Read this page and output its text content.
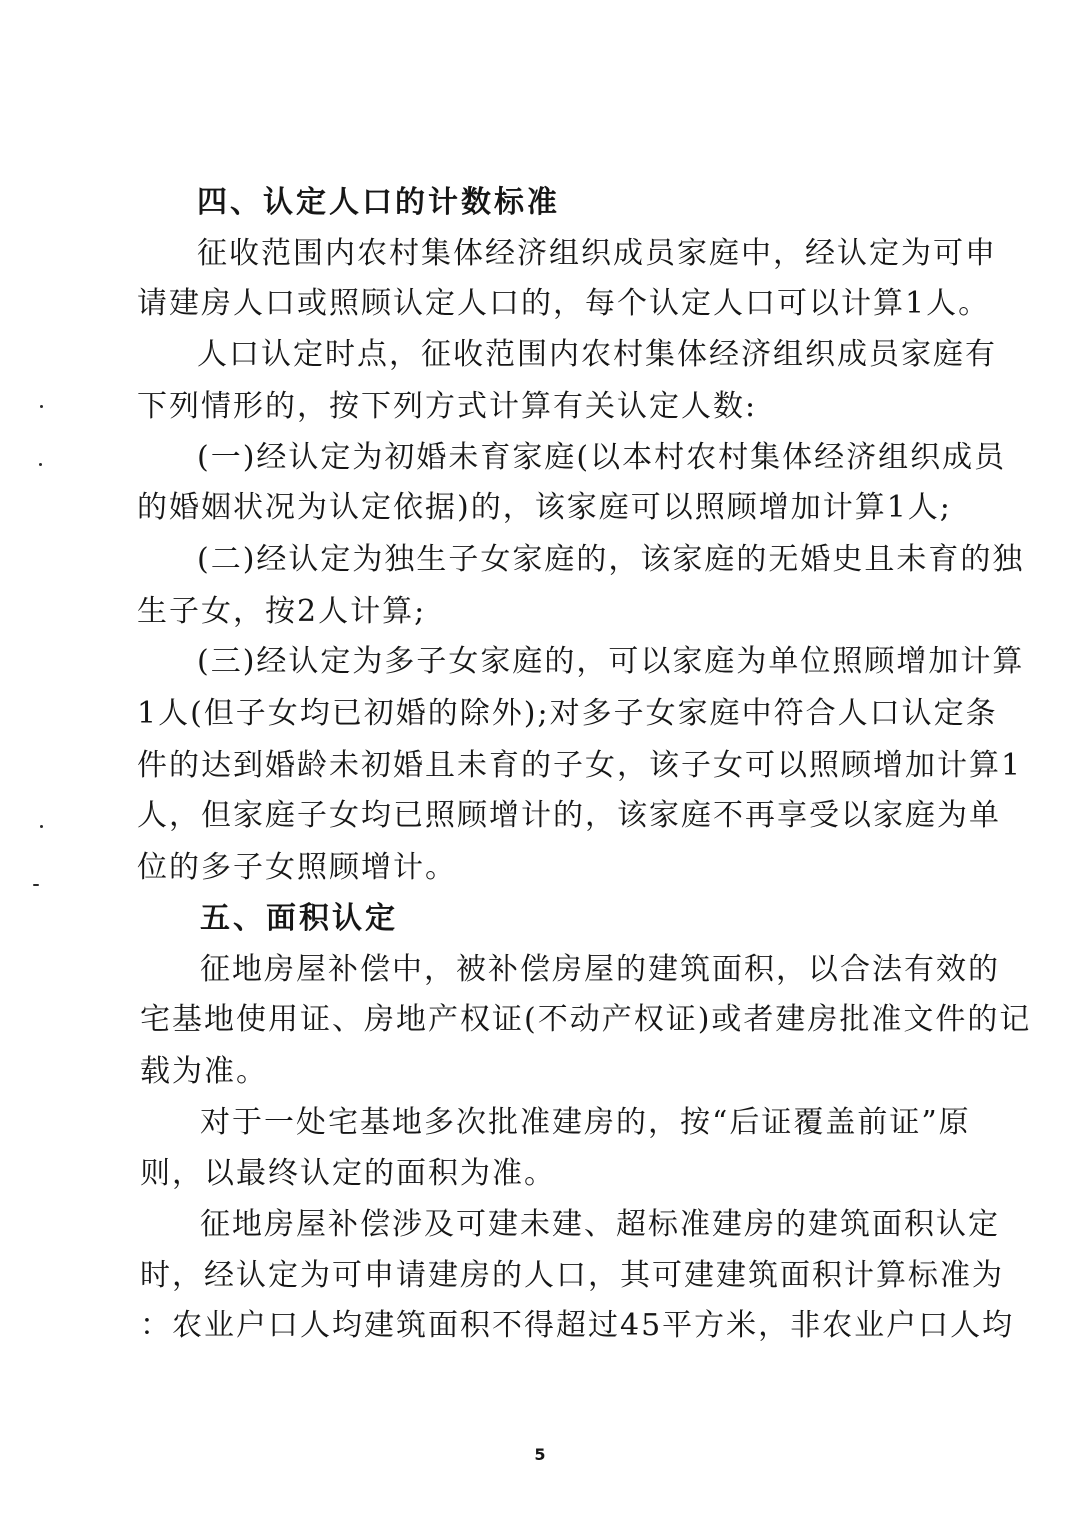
四、认定人口的计数标准
征收范围内农村集体经济组织成员家庭中，经认定为可申
请建房人口或照顾认定人口的，每个认定人口可以计算1人。
人口认定时点，征收范围内农村集体经济组织成员家庭有
下列情形的，按下列方式计算有关认定人数:
(一)经认定为初婚未育家庭(以本村农村集体经济组织成员
的婚姻状况为认定依据)的，该家庭可以照顾增加计算1人;
(二)经认定为独生子女家庭的，该家庭的无婚史且未育的独
生子女，按2人计算;
(三)经认定为多子女家庭的，可以家庭为单位照顾增加计算
1人(但子女均已初婚的除外);对多子女家庭中符合人口认定条
件的达到婚龄未初婚且未育的子女，该子女可以照顾增加计算1
人，但家庭子女均已照顾增计的，该家庭不再享受以家庭为单
位的多子女照顾增计。
五、面积认定
征地房屋补偿中，被补偿房屋的建筑面积，以合法有效的
宅基地使用证、房地产权证(不动产权证)或者建房批准文件的记
载为准。
对于一处宅基地多次批准建房的，按“后证覆盖前证”原
则，以最终认定的面积为准。
征地房屋补偿涉及可建未建、超标准建房的建筑面积认定
时，经认定为可申请建房的人口，其可建建筑面积计算标准为
：农业户口人均建筑面积不得超过45平方米，非农业户口人均
5
